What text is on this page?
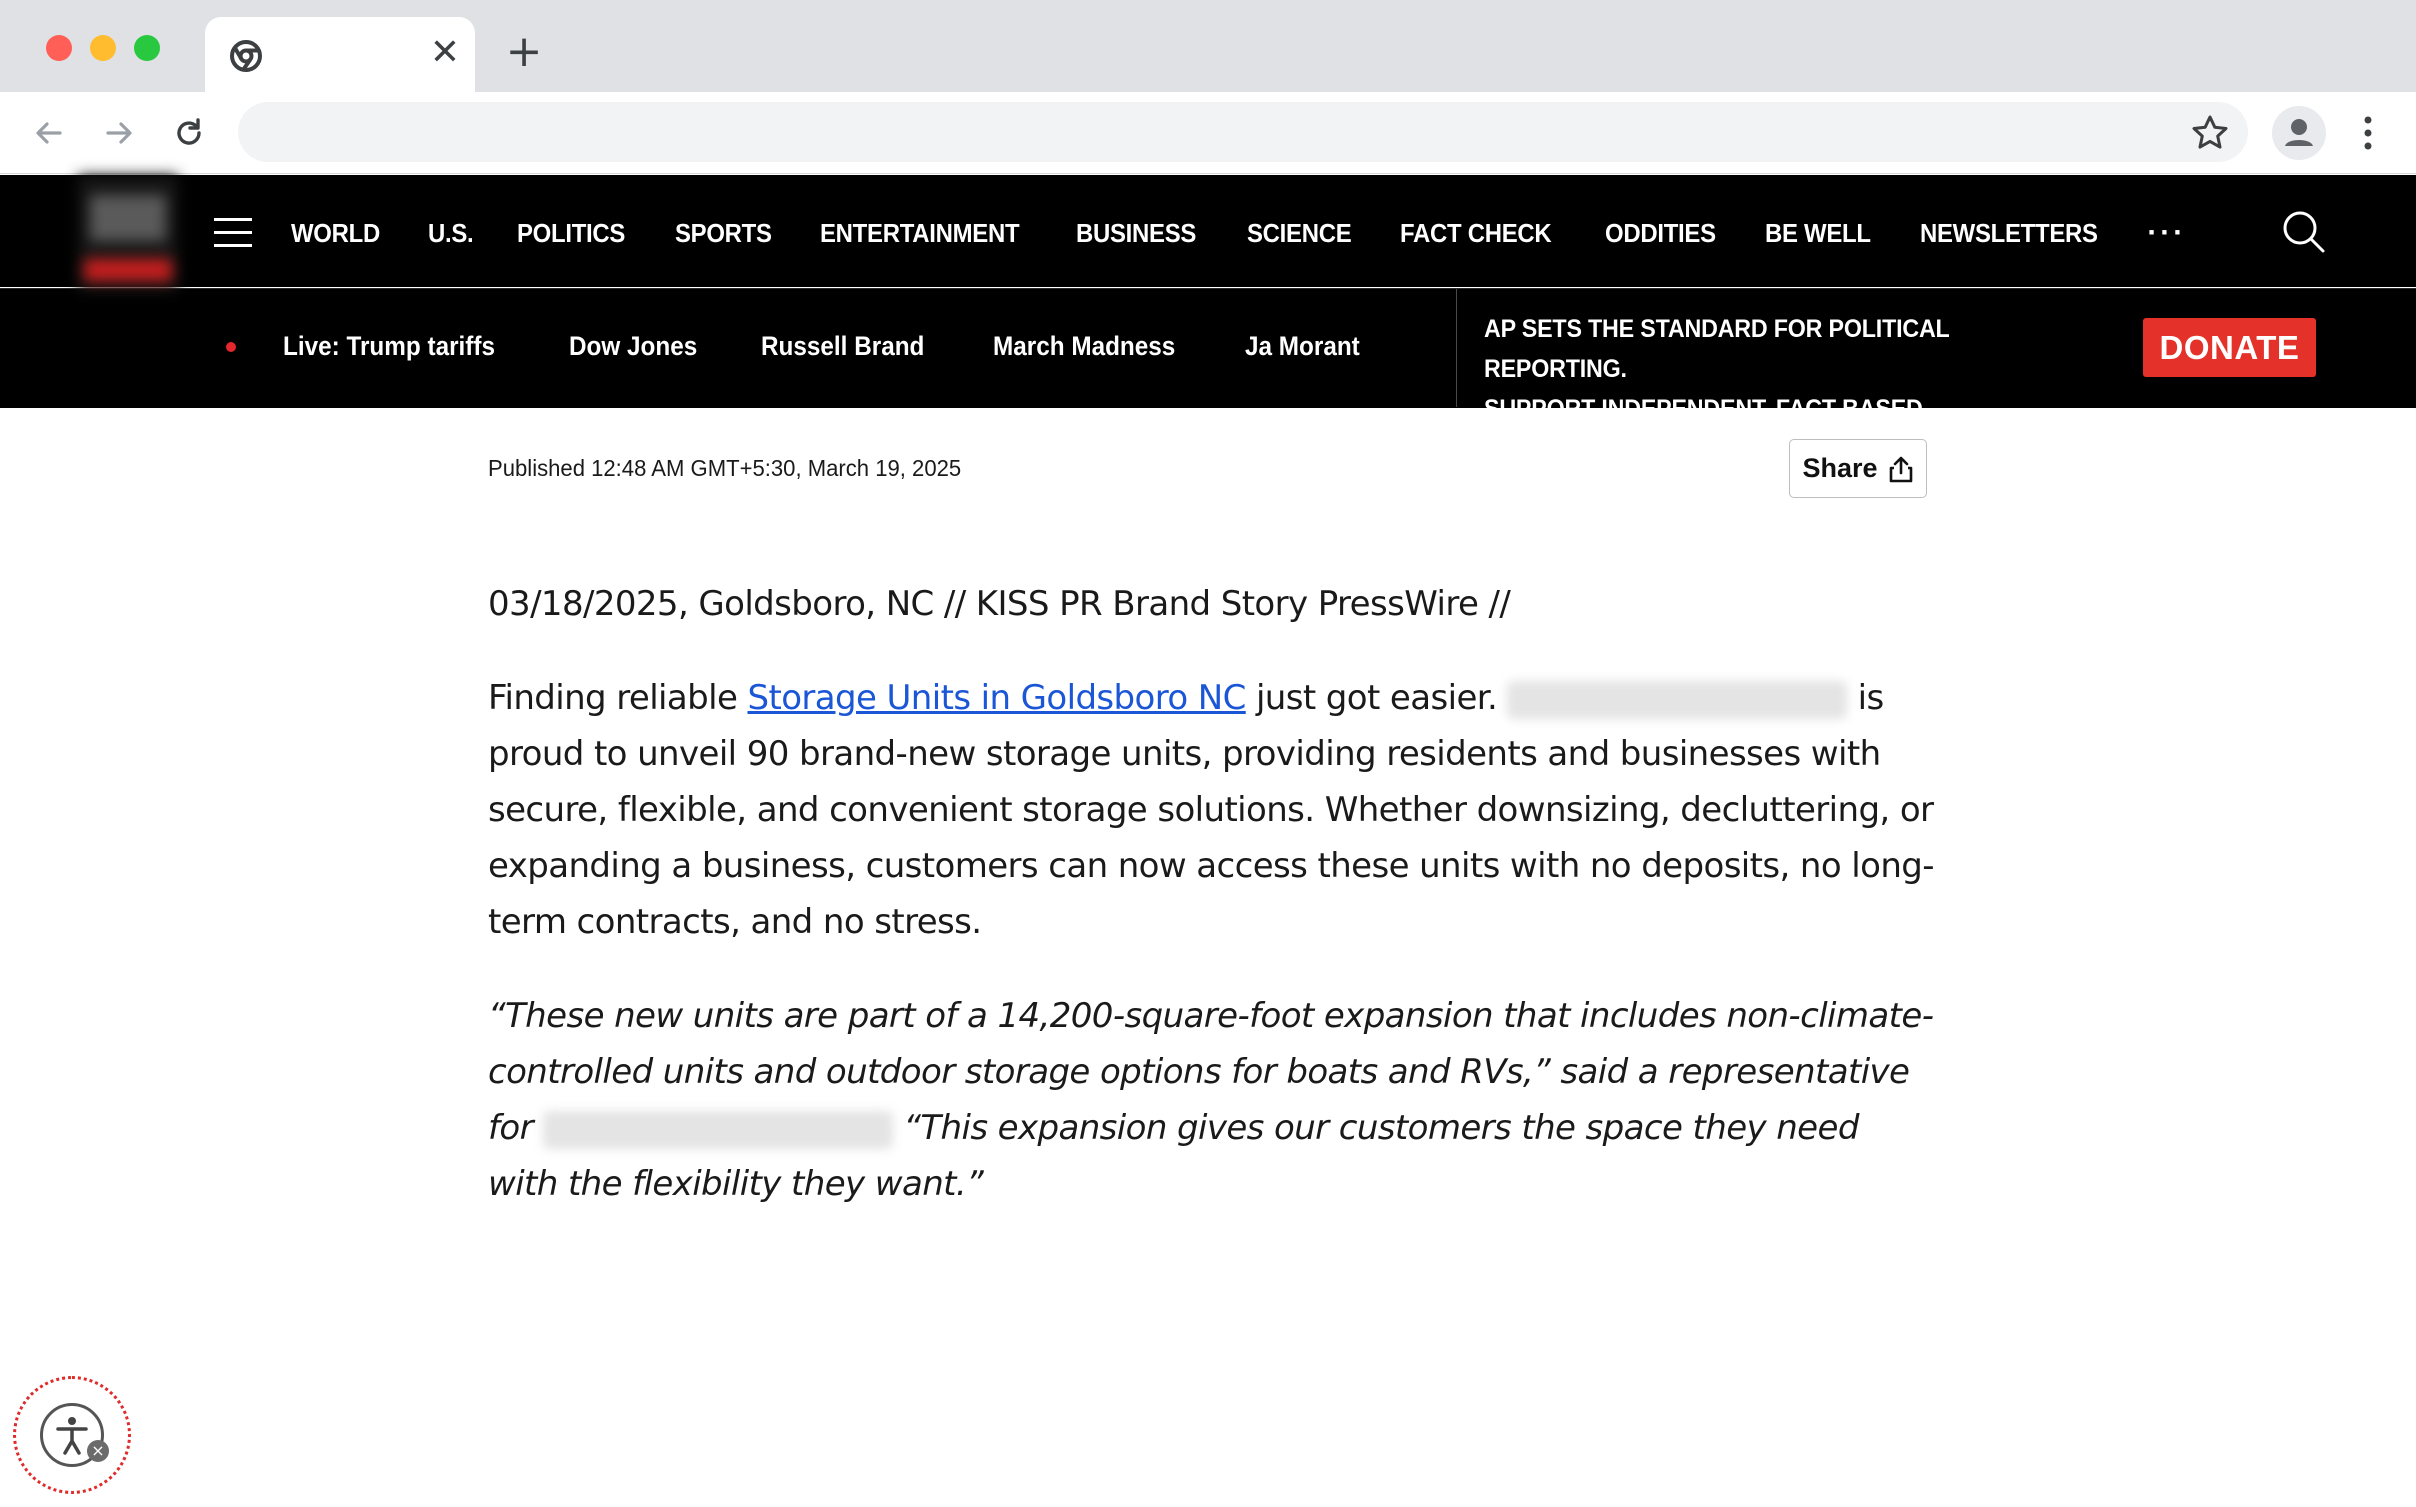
✕ +
WORLD U.S. POLITICS SPORTS ENTERTAINMENT BUSINESS SCIENCE FACT CHECK ODDITIES BE WELL NEWSLETTERS ···
Live: Trump tariffs	Dow Jones Russell Brand	March Madness	Ja Morant
AP SETS THE STANDARD FOR POLITICAL REPORTING.
SUPPORT INDEPENDENT, FACT-BASED JOURNALISM.
DONATE
Published 12:48 AM GMT+5:30, March 19, 2025	Share

03/18/2025, Goldsboro, NC // KISS PR Brand Story PressWire //

Finding reliable Storage Units in Goldsboro NC just got easier.	is proud to unveil 90 brand-new storage units, providing residents and businesses with secure, flexible, and convenient storage solutions. Whether downsizing, decluttering, or expanding a business, customers can now access these units with no deposits, no long-term contracts, and no stress.

“These new units are part of a 14,200-square-foot expansion that includes non-climate-controlled units and outdoor storage options for boats and RVs,” said a representative for	“This expansion gives our customers the space they need with the flexibility they want.”

×
